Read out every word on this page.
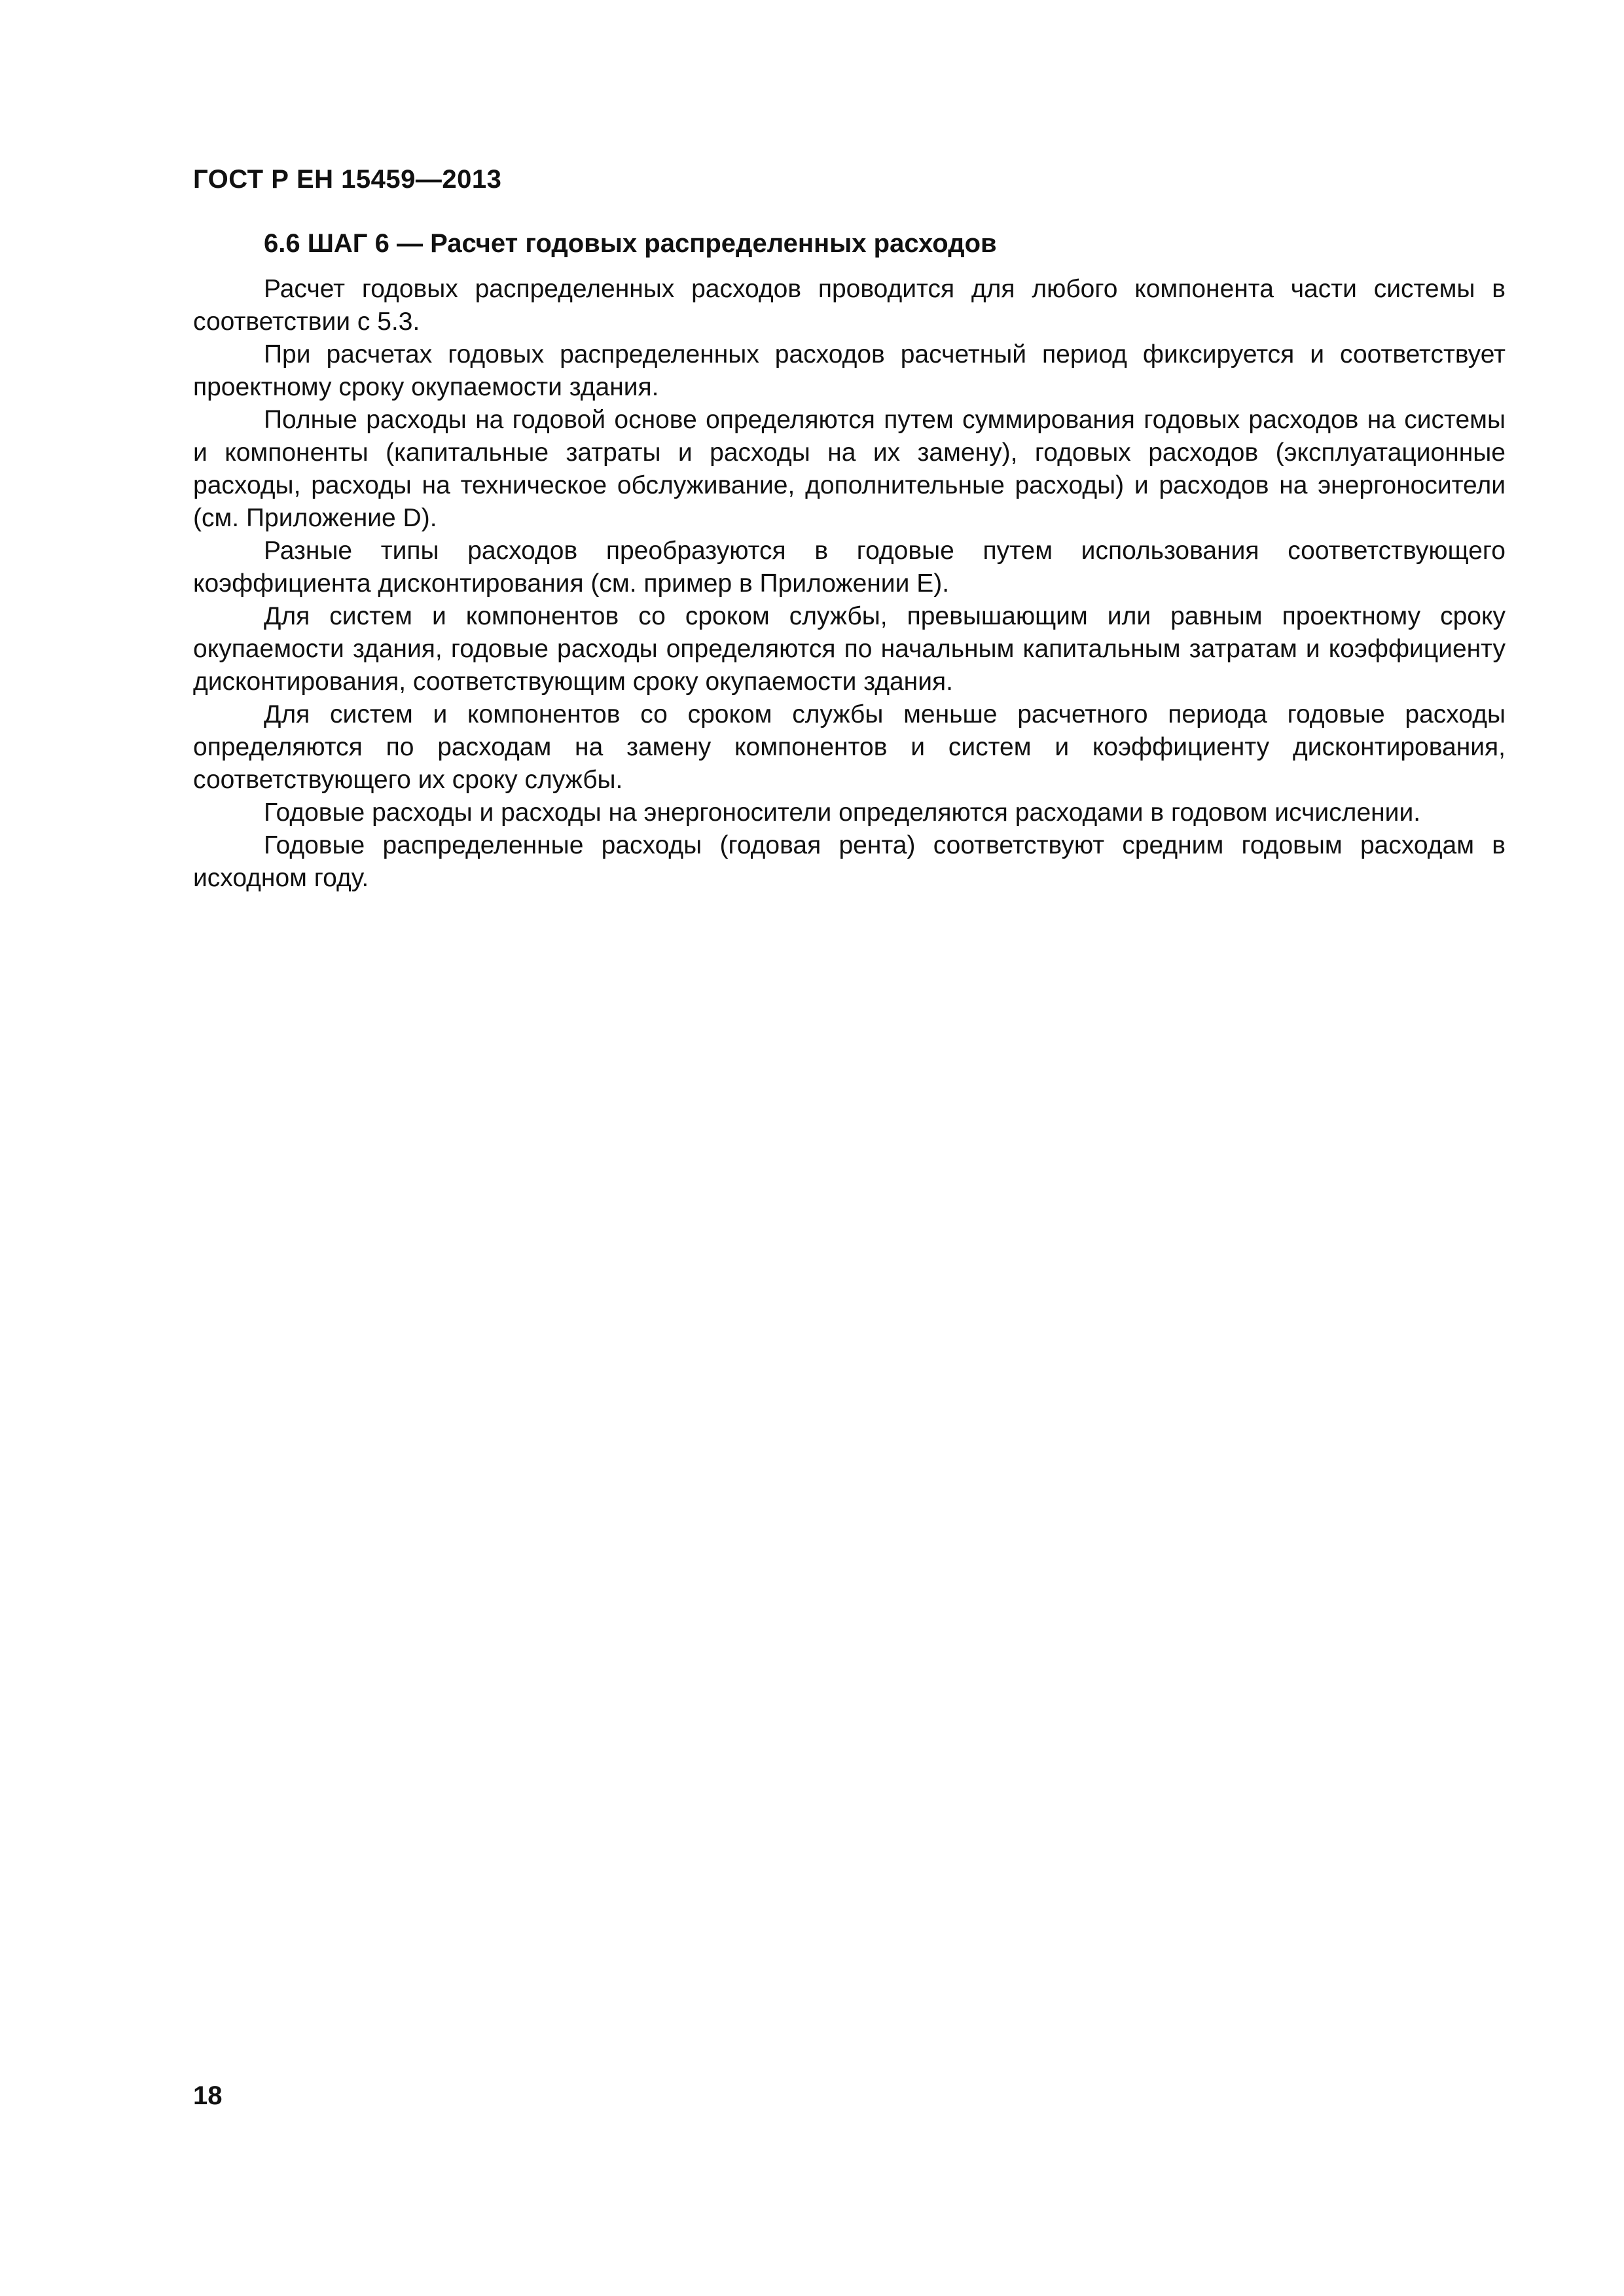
ГОСТ Р ЕН 15459—2013

6.6 ШАГ 6 — Расчет годовых распределенных расходов

Расчет годовых распределенных расходов проводится для любого компонента части системы в соответствии с 5.3.

При расчетах годовых распределенных расходов расчетный период фиксируется и соответствует проектному сроку окупаемости здания.

Полные расходы на годовой основе определяются путем суммирования годовых расходов на системы и компоненты (капитальные затраты и расходы на их замену), годовых расходов (эксплуатационные расходы, расходы на техническое обслуживание, дополнительные расходы) и расходов на энергоносители (см. Приложение D).

Разные типы расходов преобразуются в годовые путем использования соответствующего коэффициента дисконтирования (см. пример в Приложении E).

Для систем и компонентов со сроком службы, превышающим или равным проектному сроку окупаемости здания, годовые расходы определяются по начальным капитальным затратам и коэффициенту дисконтирования, соответствующим сроку окупаемости здания.

Для систем и компонентов со сроком службы меньше расчетного периода годовые расходы определяются по расходам на замену компонентов и систем и коэффициенту дисконтирования, соответствующего их сроку службы.

Годовые расходы и расходы на энергоносители определяются расходами в годовом исчислении.

Годовые распределенные расходы (годовая рента) соответствуют средним годовым расходам в исходном году.

18
